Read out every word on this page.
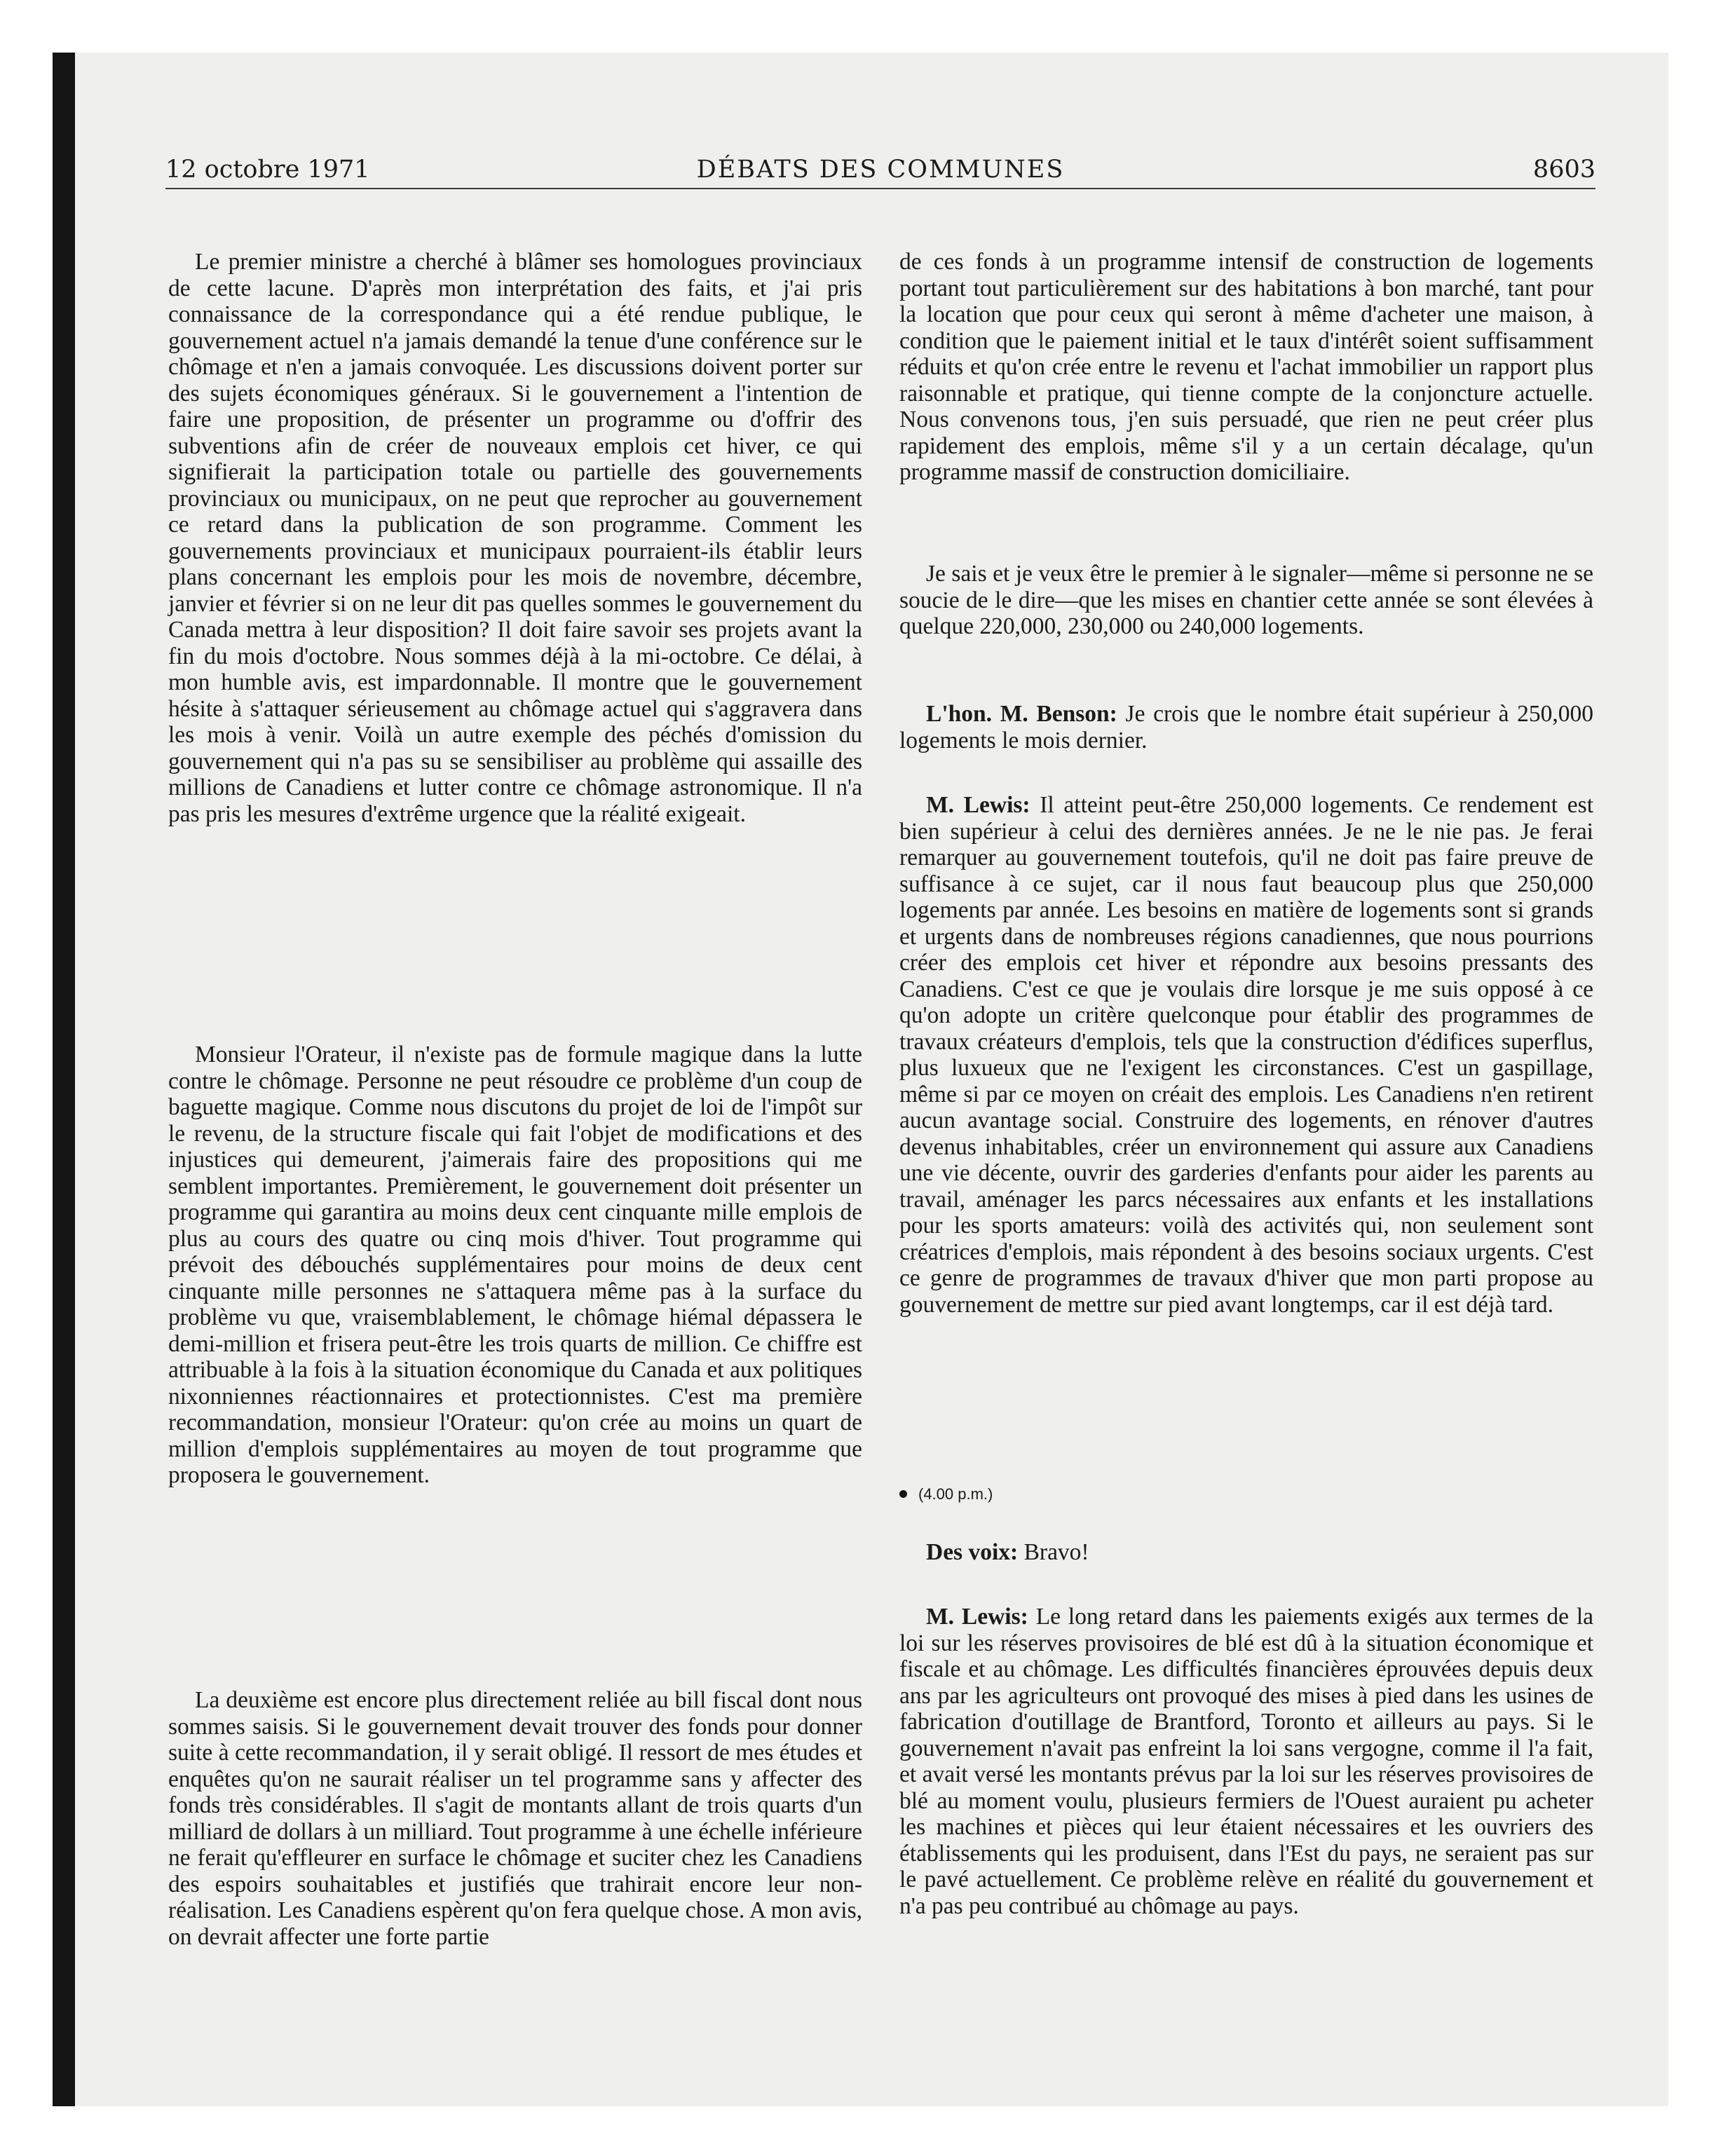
12 octobre 1971	DÉBATS DES COMMUNES	8603

Le premier ministre a cherché à blâmer ses homologues provinciaux de cette lacune. D'après mon interprétation des faits, et j'ai pris connaissance de la correspondance qui a été rendue publique, le gouvernement actuel n'a jamais demandé la tenue d'une conférence sur le chômage et n'en a jamais convoquée. Les discussions doivent porter sur des sujets économiques généraux. Si le gouvernement a l'intention de faire une proposition, de présenter un programme ou d'offrir des subventions afin de créer de nouveaux emplois cet hiver, ce qui signifierait la participation totale ou partielle des gouvernements provinciaux ou municipaux, on ne peut que reprocher au gouvernement ce retard dans la publication de son programme. Comment les gouvernements provinciaux et municipaux pourraient-ils établir leurs plans concernant les emplois pour les mois de novembre, décembre, janvier et février si on ne leur dit pas quelles sommes le gouvernement du Canada mettra à leur disposition? Il doit faire savoir ses projets avant la fin du mois d'octobre. Nous sommes déjà à la mi-octobre. Ce délai, à mon humble avis, est impardonnable. Il montre que le gouvernement hésite à s'attaquer sérieusement au chômage actuel qui s'aggravera dans les mois à venir. Voilà un autre exemple des péchés d'omission du gouvernement qui n'a pas su se sensibiliser au problème qui assaille des millions de Canadiens et lutter contre ce chômage astronomique. Il n'a pas pris les mesures d'extrême urgence que la réalité exigeait.

Monsieur l'Orateur, il n'existe pas de formule magique dans la lutte contre le chômage. Personne ne peut résoudre ce problème d'un coup de baguette magique. Comme nous discutons du projet de loi de l'impôt sur le revenu, de la structure fiscale qui fait l'objet de modifications et des injustices qui demeurent, j'aimerais faire des propositions qui me semblent importantes. Premièrement, le gouvernement doit présenter un programme qui garantira au moins deux cent cinquante mille emplois de plus au cours des quatre ou cinq mois d'hiver. Tout programme qui prévoit des débouchés supplémentaires pour moins de deux cent cinquante mille personnes ne s'attaquera même pas à la surface du problème vu que, vraisemblablement, le chômage hiémal dépassera le demi-million et frisera peut-être les trois quarts de million. Ce chiffre est attribuable à la fois à la situation économique du Canada et aux politiques nixonniennes réactionnaires et protectionnistes. C'est ma première recommandation, monsieur l'Orateur: qu'on crée au moins un quart de million d'emplois supplémentaires au moyen de tout programme que proposera le gouvernement.

La deuxième est encore plus directement reliée au bill fiscal dont nous sommes saisis. Si le gouvernement devait trouver des fonds pour donner suite à cette recommandation, il y serait obligé. Il ressort de mes études et enquêtes qu'on ne saurait réaliser un tel programme sans y affecter des fonds très considérables. Il s'agit de montants allant de trois quarts d'un milliard de dollars à un milliard. Tout programme à une échelle inférieure ne ferait qu'effleurer en surface le chômage et suciter chez les Canadiens des espoirs souhaitables et justifiés que trahirait encore leur non-réalisation. Les Canadiens espèrent qu'on fera quelque chose. A mon avis, on devrait affecter une forte partie

de ces fonds à un programme intensif de construction de logements portant tout particulièrement sur des habitations à bon marché, tant pour la location que pour ceux qui seront à même d'acheter une maison, à condition que le paiement initial et le taux d'intérêt soient suffisamment réduits et qu'on crée entre le revenu et l'achat immobilier un rapport plus raisonnable et pratique, qui tienne compte de la conjoncture actuelle. Nous convenons tous, j'en suis persuadé, que rien ne peut créer plus rapidement des emplois, même s'il y a un certain décalage, qu'un programme massif de construction domiciliaire.

Je sais et je veux être le premier à le signaler—même si personne ne se soucie de le dire—que les mises en chantier cette année se sont élevées à quelque 220,000, 230,000 ou 240,000 logements.

L'hon. M. Benson: Je crois que le nombre était supérieur à 250,000 logements le mois dernier.

M. Lewis: Il atteint peut-être 250,000 logements. Ce rendement est bien supérieur à celui des dernières années. Je ne le nie pas. Je ferai remarquer au gouvernement toutefois, qu'il ne doit pas faire preuve de suffisance à ce sujet, car il nous faut beaucoup plus que 250,000 logements par année. Les besoins en matière de logements sont si grands et urgents dans de nombreuses régions canadiennes, que nous pourrions créer des emplois cet hiver et répondre aux besoins pressants des Canadiens. C'est ce que je voulais dire lorsque je me suis opposé à ce qu'on adopte un critère quelconque pour établir des programmes de travaux créateurs d'emplois, tels que la construction d'édifices superflus, plus luxueux que ne l'exigent les circonstances. C'est un gaspillage, même si par ce moyen on créait des emplois. Les Canadiens n'en retirent aucun avantage social. Construire des logements, en rénover d'autres devenus inhabitables, créer un environnement qui assure aux Canadiens une vie décente, ouvrir des garderies d'enfants pour aider les parents au travail, aménager les parcs nécessaires aux enfants et les installations pour les sports amateurs: voilà des activités qui, non seulement sont créatrices d'emplois, mais répondent à des besoins sociaux urgents. C'est ce genre de programmes de travaux d'hiver que mon parti propose au gouvernement de mettre sur pied avant longtemps, car il est déjà tard.

(4.00 p.m.)

Des voix: Bravo!

M. Lewis: Le long retard dans les paiements exigés aux termes de la loi sur les réserves provisoires de blé est dû à la situation économique et fiscale et au chômage. Les difficultés financières éprouvées depuis deux ans par les agriculteurs ont provoqué des mises à pied dans les usines de fabrication d'outillage de Brantford, Toronto et ailleurs au pays. Si le gouvernement n'avait pas enfreint la loi sans vergogne, comme il l'a fait, et avait versé les montants prévus par la loi sur les réserves provisoires de blé au moment voulu, plusieurs fermiers de l'Ouest auraient pu acheter les machines et pièces qui leur étaient nécessaires et les ouvriers des établissements qui les produisent, dans l'Est du pays, ne seraient pas sur le pavé actuellement. Ce problème relève en réalité du gouvernement et n'a pas peu contribué au chômage au pays.
